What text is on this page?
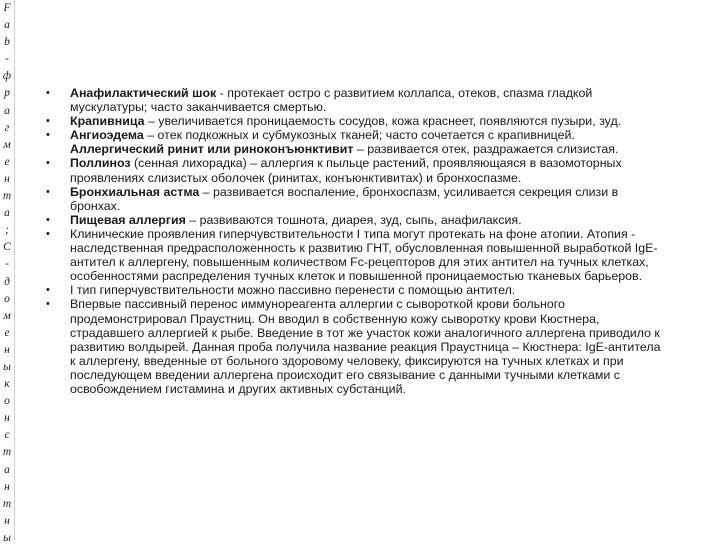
F
a
b
-
ф
р
а
г
м
е
н
т
а
;
С
-
д
о
м
е
н
ы
к
о
н
с
т
а
н
т
н
ы
• Анафилактический шок - протекает остро с развитием коллапса, отеков, спазма гладкой мускулатуры; часто заканчивается смертью.
• Крапивница – увеличивается проницаемость сосудов, кожа краснеет, появляются пузыри, зуд.
• Ангиоэдема – отек подкожных и субмукозных тканей; часто сочетается с крапивницей.
Аллергический ринит или риноконъюнктивит – развивается отек, раздражается слизистая.
• Поллиноз (сенная лихорадка) – аллергия к пыльце растений, проявляющаяся в вазомоторных проявлениях слизистых оболочек (ринитах, конъюнктивитах) и бронхоспазме.
• Бронхиальная астма – развивается воспаление, бронхоспазм, усиливается секреция слизи в бронхах.
• Пищевая аллергия – развиваются тошнота, диарея, зуд, сыпь, анафилаксия.
• Клинические проявления гиперчувствительности I типа могут протекать на фоне атопии. Атопия - наследственная предрасположенность к развитию ГНТ, обусловленная повышенной выработкой IgE-антител к аллергену, повышенным количеством Fc-рецепторов для этих антител на тучных клетках, особенностями распределения тучных клеток и повышенной проницаемостью тканевых барьеров.
• I тип гиперчувствительности можно пассивно перенести с помощью антител.
• Впервые пассивный перенос иммунореагента аллергии с сывороткой крови больного продемонстрировал Праустниц. Он вводил в собственную кожу сыворотку крови Кюстнера, страдавшего аллергией к рыбе. Введение в тот же участок кожи аналогичного аллергена приводило к развитию волдырей. Данная проба получила название реакция Праустница – Кюстнера: IgE-антитела к аллергену, введенные от больного здоровому человеку, фиксируются на тучных клетках и при последующем введении аллергена происходит его связывание с данными тучными клетками с освобождением гистамина и других активных субстанций.
